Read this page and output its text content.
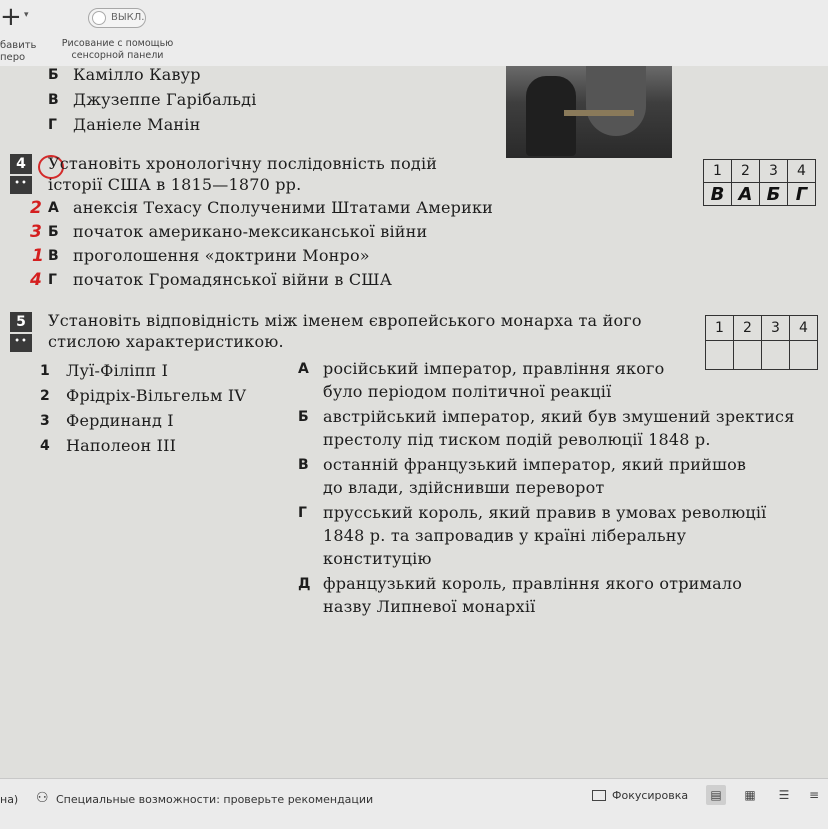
+ ▾
бавить
перо
ВЫКЛ.
Рисование с помощью сенсорной панели
Б Камілло Кавур
В Джузеппе Гарібальді
Г Даніеле Манін
4
••
Установіть хронологічну послідовність подій
історії США в 1815—1870 рр.
2 А анексія Техасу Сполученими Штатами Америки
3 Б початок американо-мексиканської війни
1 В проголошення «доктрини Монро»
4 Г початок Громадянської війни в США
1	2	3	4
В	А	Б	Г
5
••
Установіть відповідність між іменем європейського монарха та його
стислою характеристикою.
1 Луї-Філіпп I
2 Фрідріх-Вільгельм IV
3 Фердинанд I
4 Наполеон III
А російський імператор, правління якого
було періодом політичної реакції
Б австрійський імператор, який був змушений зректися
престолу під тиском подій революції 1848 р.
В останній французький імператор, який прийшов
до влади, здійснивши переворот
Г прусський король, який правив в умовах революції
1848 р. та запровадив у країні ліберальну
конституцію
Д французький король, правління якого отримало
назву Липневої монархії
1	2	3	4

на) ⚇ Специальные возможности: проверьте рекомендации	Фокусировка	▤	▦	☰	≡
